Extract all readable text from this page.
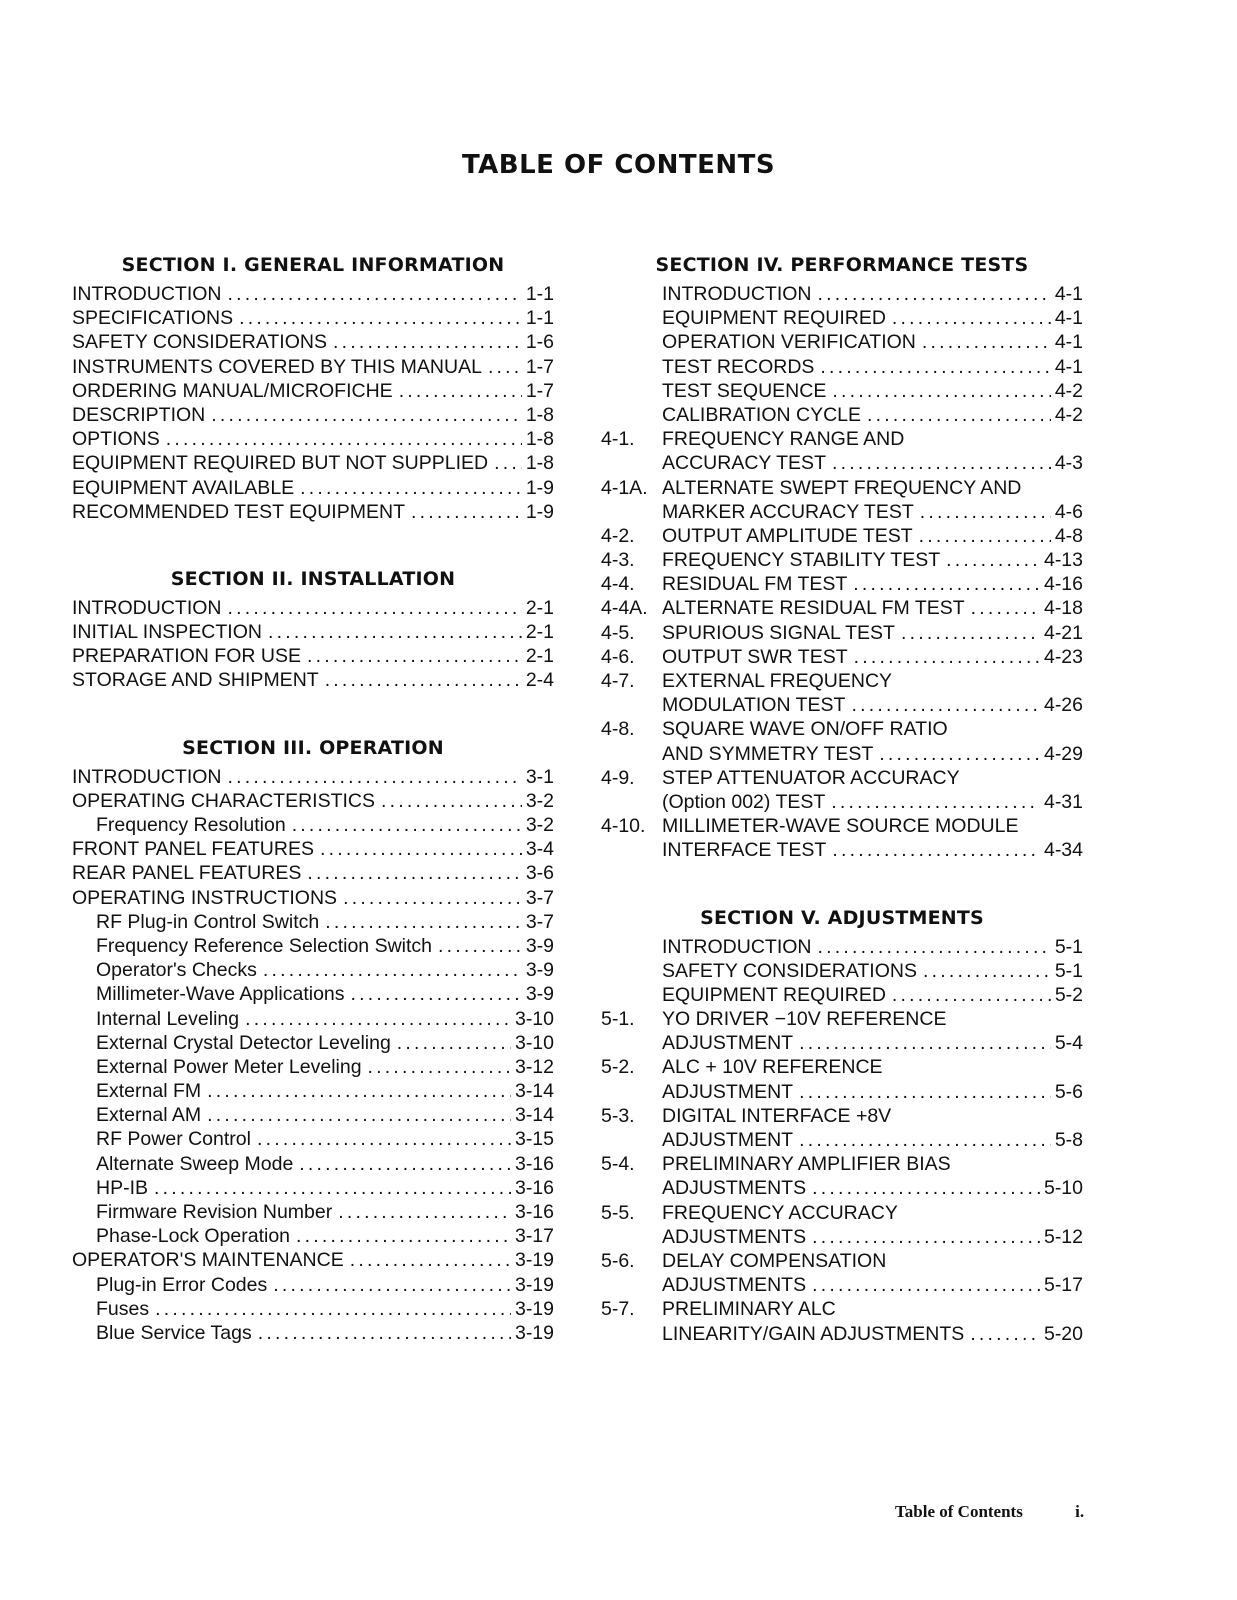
TABLE OF CONTENTS
SECTION I. GENERAL INFORMATION
INTRODUCTION .....	1-1
SPECIFICATIONS .....	1-1
SAFETY CONSIDERATIONS .....	1-6
INSTRUMENTS COVERED BY THIS MANUAL ..... 1-7
ORDERING MANUAL/MICROFICHE .....	1-7
DESCRIPTION .....	1-8
OPTIONS .....	1-8
EQUIPMENT REQUIRED BUT NOT SUPPLIED ..... 1-8
EQUIPMENT AVAILABLE .....	1-9
RECOMMENDED TEST EQUIPMENT .....	1-9
SECTION II. INSTALLATION
INTRODUCTION .....	2-1
INITIAL INSPECTION .....	2-1
PREPARATION FOR USE .....	2-1
STORAGE AND SHIPMENT .....	2-4
SECTION III. OPERATION
INTRODUCTION .....	3-1
OPERATING CHARACTERISTICS .....	3-2
Frequency Resolution .....	3-2
FRONT PANEL FEATURES .....	3-4
REAR PANEL FEATURES .....	3-6
OPERATING INSTRUCTIONS .....	3-7
RF Plug-in Control Switch .....	3-7
Frequency Reference Selection Switch .....	3-9
Operator's Checks .....	3-9
Millimeter-Wave Applications .....	3-9
Internal Leveling .....	3-10
External Crystal Detector Leveling .....	3-10
External Power Meter Leveling .....	3-12
External FM .....	3-14
External AM .....	3-14
RF Power Control .....	3-15
Alternate Sweep Mode .....	3-16
HP-IB .....	3-16
Firmware Revision Number .....	3-16
Phase-Lock Operation .....	3-17
OPERATOR'S MAINTENANCE .....	3-19
Plug-in Error Codes .....	3-19
Fuses .....	3-19
Blue Service Tags .....	3-19
SECTION IV. PERFORMANCE TESTS
INTRODUCTION .....	4-1
EQUIPMENT REQUIRED .....	4-1
OPERATION VERIFICATION .....	4-1
TEST RECORDS .....	4-1
TEST SEQUENCE .....	4-2
CALIBRATION CYCLE .....	4-2
4-1.	FREQUENCY RANGE AND
ACCURACY TEST .....	4-3
4-1A. ALTERNATE SWEPT FREQUENCY AND
MARKER ACCURACY TEST .....	4-6
4-2.	OUTPUT AMPLITUDE TEST .....	4-8
4-3.	FREQUENCY STABILITY TEST .....	4-13
4-4.	RESIDUAL FM TEST .....	4-16
4-4A. ALTERNATE RESIDUAL FM TEST .....	4-18
4-5.	SPURIOUS SIGNAL TEST .....	4-21
4-6.	OUTPUT SWR TEST .....	4-23
4-7.	EXTERNAL FREQUENCY
MODULATION TEST .....	4-26
4-8.	SQUARE WAVE ON/OFF RATIO
AND SYMMETRY TEST .....	4-29
4-9.	STEP ATTENUATOR ACCURACY
(Option 002) TEST .....	4-31
4-10. MILLIMETER-WAVE SOURCE MODULE
INTERFACE TEST .....	4-34
SECTION V. ADJUSTMENTS
INTRODUCTION .....	5-1
SAFETY CONSIDERATIONS .....	5-1
EQUIPMENT REQUIRED .....	5-2
5-1.	YO DRIVER −10V REFERENCE
ADJUSTMENT .....	5-4
5-2.	ALC + 10V REFERENCE
ADJUSTMENT .....	5-6
5-3.	DIGITAL INTERFACE +8V
ADJUSTMENT .....	5-8
5-4.	PRELIMINARY AMPLIFIER BIAS
ADJUSTMENTS .....	5-10
5-5.	FREQUENCY ACCURACY
ADJUSTMENTS .....	5-12
5-6.	DELAY COMPENSATION
ADJUSTMENTS .....	5-17
5-7.	PRELIMINARY ALC
LINEARITY/GAIN ADJUSTMENTS .....	5-20
Table of Contents	i.
